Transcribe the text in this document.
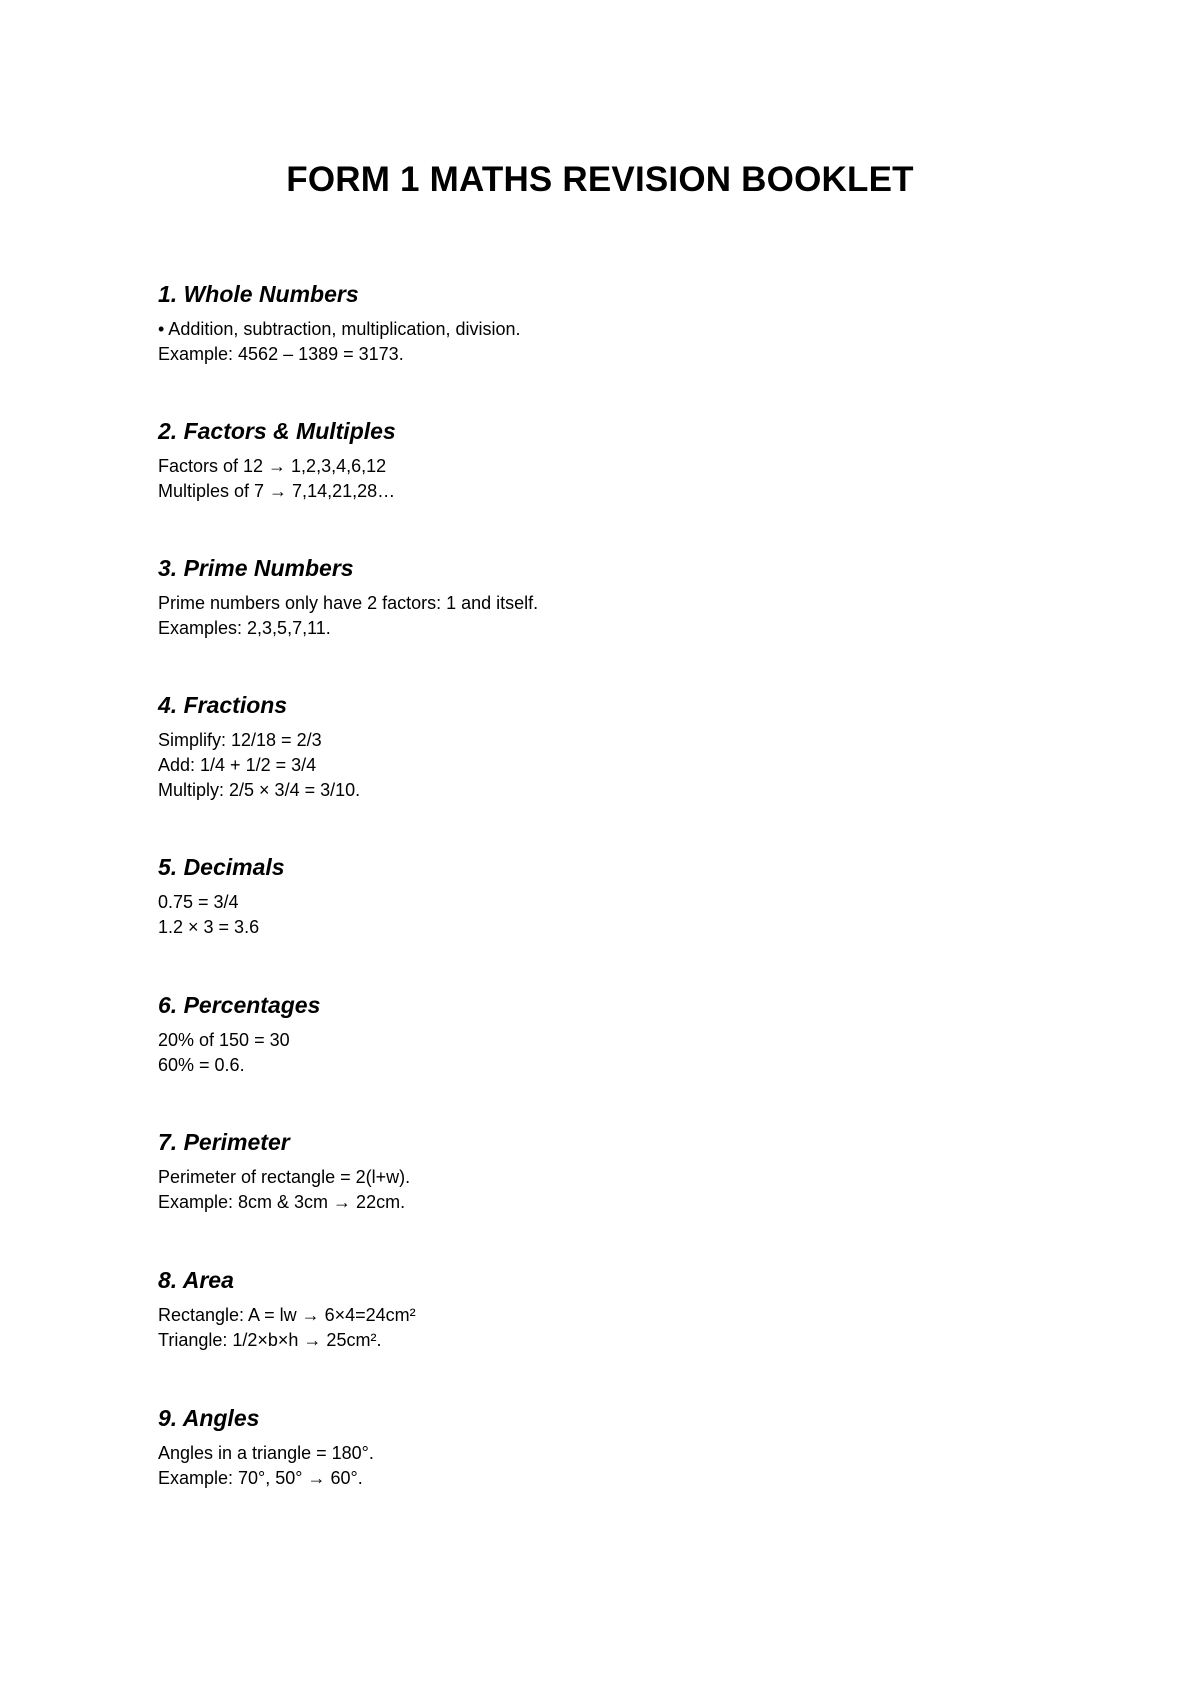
FORM 1 MATHS REVISION BOOKLET
1. Whole Numbers

• Addition, subtraction, multiplication, division.

Example: 4562 – 1389 = 3173.

2. Factors & Multiples

Factors of 12 → 1,2,3,4,6,12

Multiples of 7 → 7,14,21,28…

3. Prime Numbers

Prime numbers only have 2 factors: 1 and itself.

Examples: 2,3,5,7,11.

4. Fractions

Simplify: 12/18 = 2/3

Add: 1/4 + 1/2 = 3/4

Multiply: 2/5 × 3/4 = 3/10.

5. Decimals

0.75 = 3/4

1.2 × 3 = 3.6

6. Percentages

20% of 150 = 30

60% = 0.6.

7. Perimeter

Perimeter of rectangle = 2(l+w).

Example: 8cm & 3cm → 22cm.

8. Area

Rectangle: A = lw → 6×4=24cm²

Triangle: 1/2×b×h → 25cm².

9. Angles

Angles in a triangle = 180°.

Example: 70°, 50° → 60°.
